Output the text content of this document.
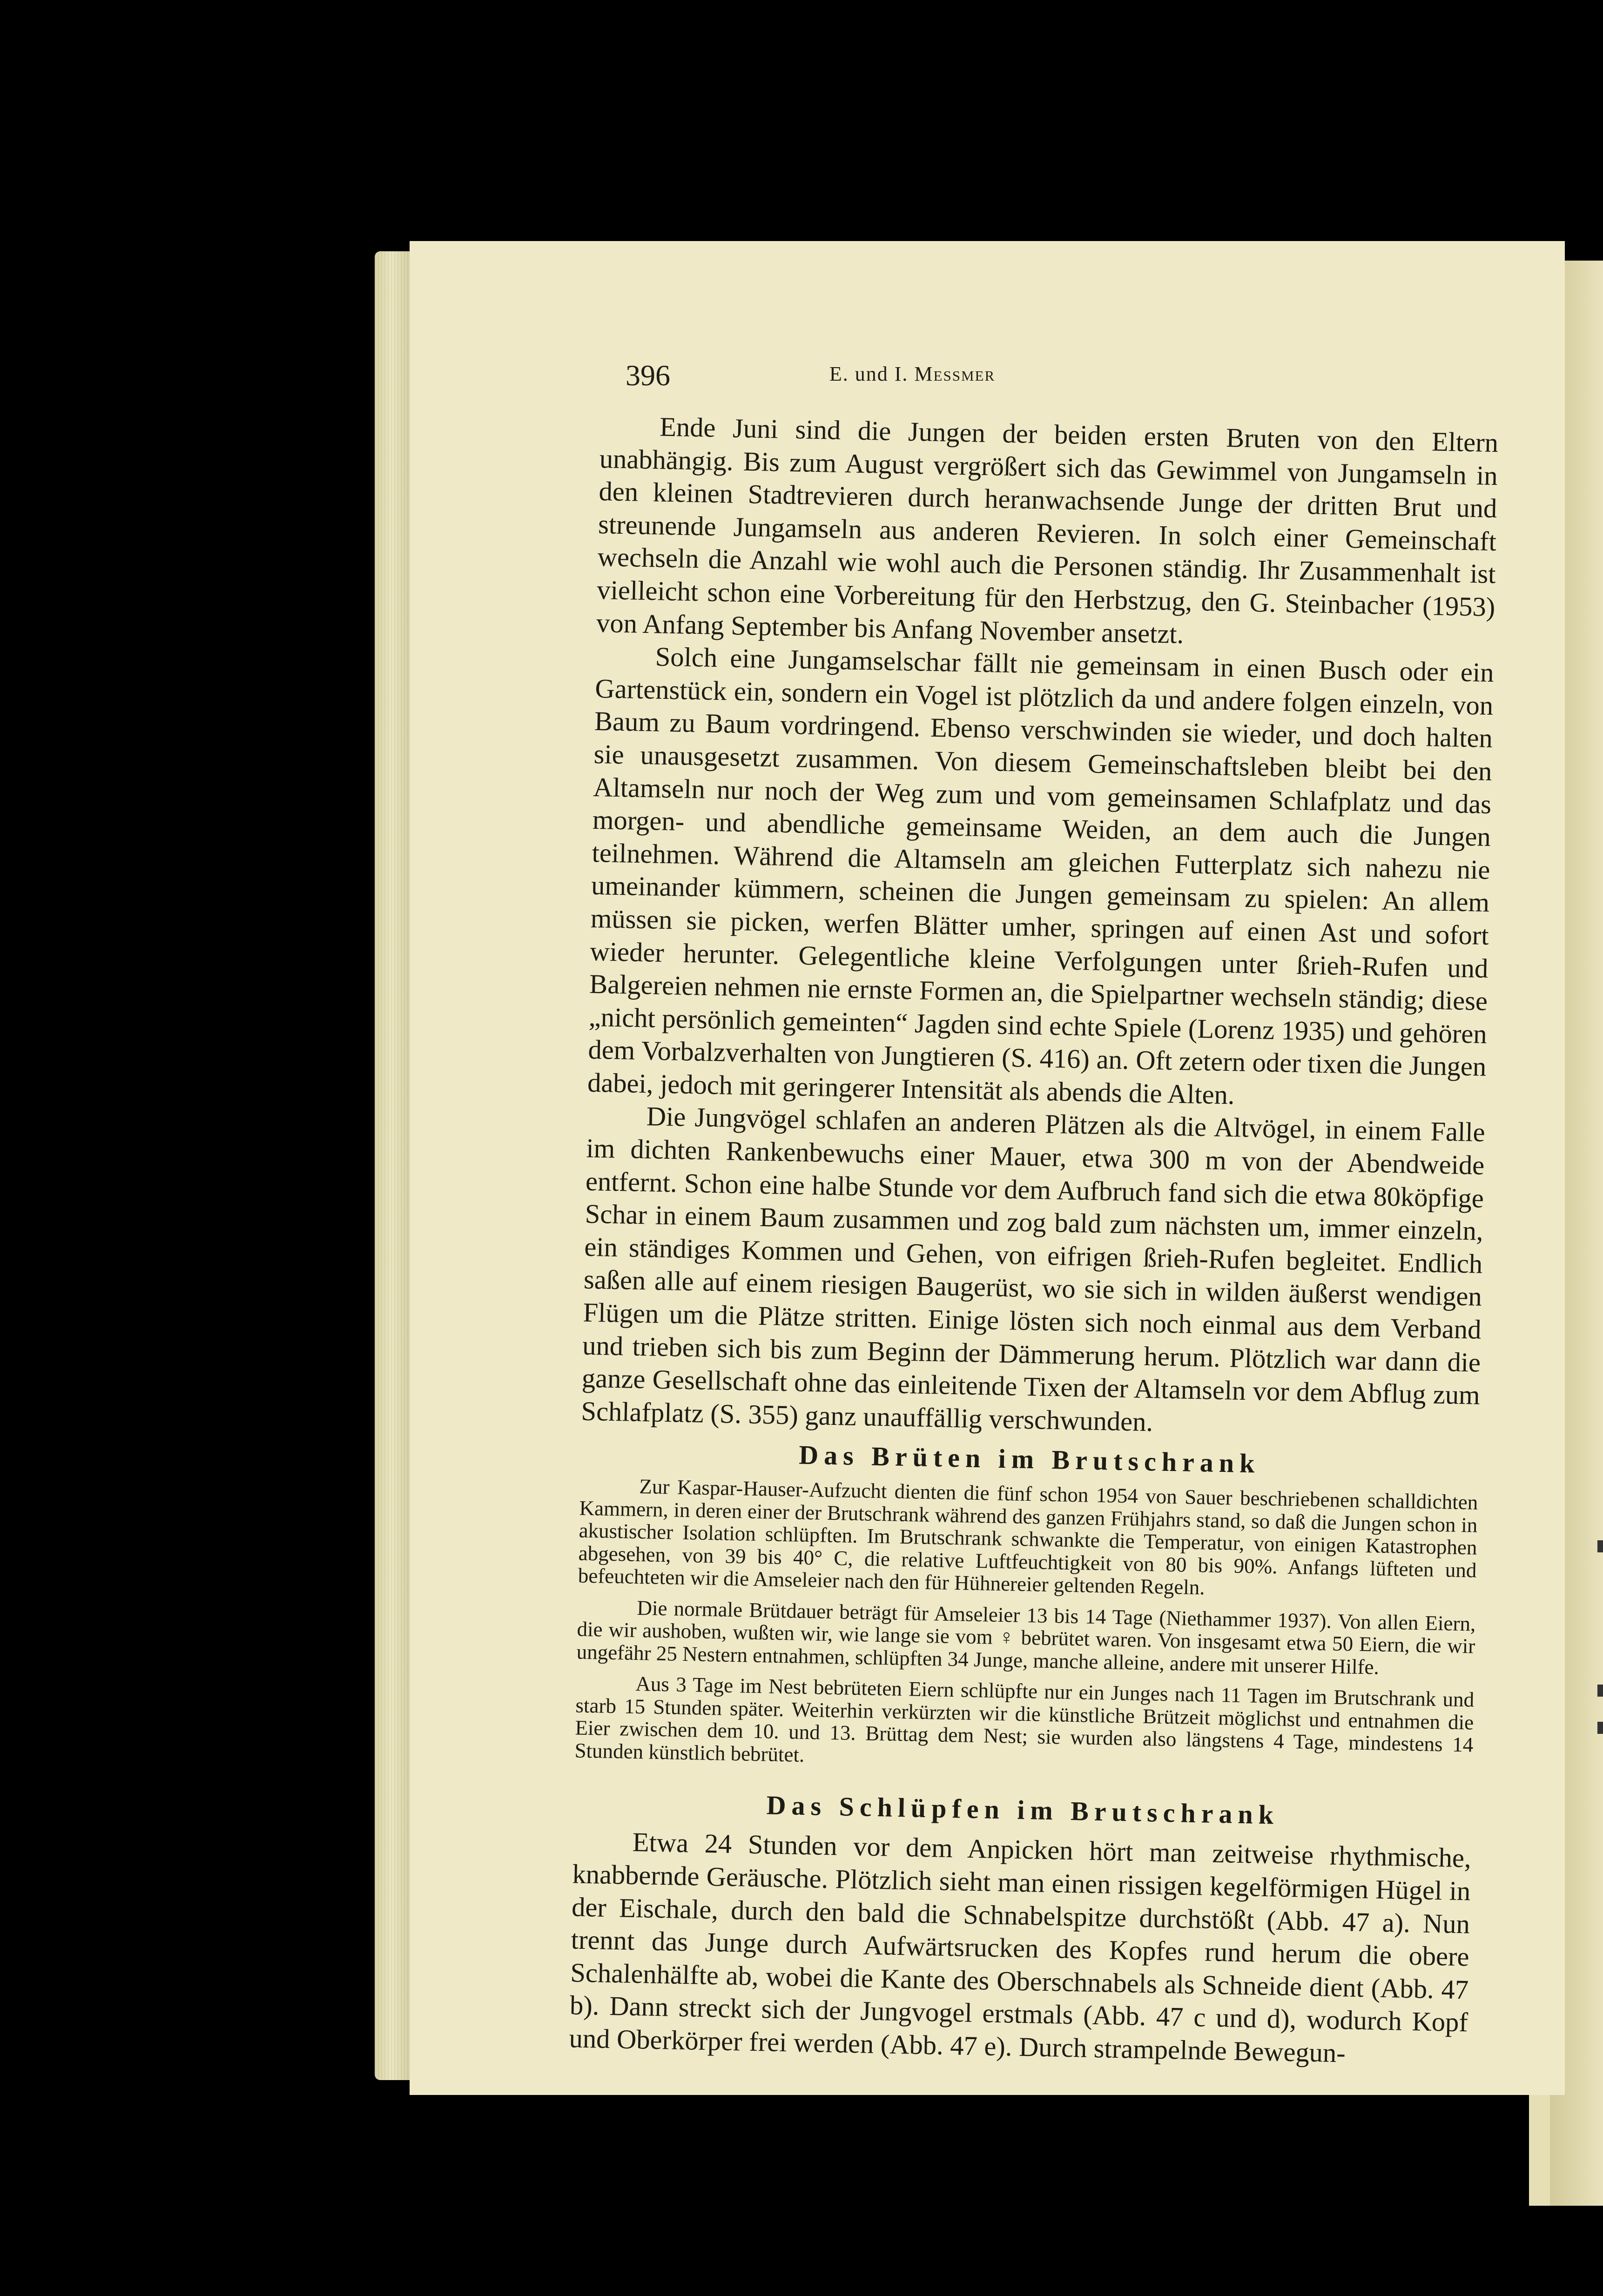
396	E. und I. Messmer

Ende Juni sind die Jungen der beiden ersten Bruten von den Eltern unabhängig. Bis zum August vergrößert sich das Gewimmel von Jungamseln in den kleinen Stadtrevieren durch heranwachsende Junge der dritten Brut und streunende Jungamseln aus anderen Revieren. In solch einer Gemeinschaft wechseln die Anzahl wie wohl auch die Personen ständig. Ihr Zusammenhalt ist vielleicht schon eine Vorbereitung für den Herbstzug, den G. Steinbacher (1953) von Anfang September bis Anfang November ansetzt.

Solch eine Jungamselschar fällt nie gemeinsam in einen Busch oder ein Gartenstück ein, sondern ein Vogel ist plötzlich da und andere folgen einzeln, von Baum zu Baum vordringend. Ebenso verschwinden sie wieder, und doch halten sie unausgesetzt zusammen. Von diesem Gemeinschaftsleben bleibt bei den Altamseln nur noch der Weg zum und vom gemeinsamen Schlafplatz und das morgen- und abendliche gemeinsame Weiden, an dem auch die Jungen teilnehmen. Während die Altamseln am gleichen Futterplatz sich nahezu nie umeinander kümmern, scheinen die Jungen gemeinsam zu spielen: An allem müssen sie picken, werfen Blätter umher, springen auf einen Ast und sofort wieder herunter. Gelegentliche kleine Verfolgungen unter ßrieh-Rufen und Balgereien nehmen nie ernste Formen an, die Spielpartner wechseln ständig; diese „nicht persönlich gemeinten“ Jagden sind echte Spiele (Lorenz 1935) und gehören dem Vorbalzverhalten von Jungtieren (S. 416) an. Oft zetern oder tixen die Jungen dabei, jedoch mit geringerer Intensität als abends die Alten.

Die Jungvögel schlafen an anderen Plätzen als die Altvögel, in einem Falle im dichten Rankenbewuchs einer Mauer, etwa 300 m von der Abendweide entfernt. Schon eine halbe Stunde vor dem Aufbruch fand sich die etwa 80köpfige Schar in einem Baum zusammen und zog bald zum nächsten um, immer einzeln, ein ständiges Kommen und Gehen, von eifrigen ßrieh-Rufen begleitet. Endlich saßen alle auf einem riesigen Baugerüst, wo sie sich in wilden äußerst wendigen Flügen um die Plätze stritten. Einige lösten sich noch einmal aus dem Verband und trieben sich bis zum Beginn der Dämmerung herum. Plötzlich war dann die ganze Gesellschaft ohne das einleitende Tixen der Altamseln vor dem Abflug zum Schlafplatz (S. 355) ganz unauffällig verschwunden.

Das Brüten im Brutschrank

Zur Kaspar-Hauser-Aufzucht dienten die fünf schon 1954 von Sauer beschriebenen schalldichten Kammern, in deren einer der Brutschrank während des ganzen Frühjahrs stand, so daß die Jungen schon in akustischer Isolation schlüpften. Im Brutschrank schwankte die Temperatur, von einigen Katastrophen abgesehen, von 39 bis 40° C, die relative Luftfeuchtigkeit von 80 bis 90%. Anfangs lüfteten und befeuchteten wir die Amseleier nach den für Hühnereier geltenden Regeln.

Die normale Brütdauer beträgt für Amseleier 13 bis 14 Tage (Niethammer 1937). Von allen Eiern, die wir aushoben, wußten wir, wie lange sie vom ♀ bebrütet waren. Von insgesamt etwa 50 Eiern, die wir ungefähr 25 Nestern entnahmen, schlüpften 34 Junge, manche alleine, andere mit unserer Hilfe.

Aus 3 Tage im Nest bebrüteten Eiern schlüpfte nur ein Junges nach 11 Tagen im Brutschrank und starb 15 Stunden später. Weiterhin verkürzten wir die künstliche Brützeit möglichst und entnahmen die Eier zwischen dem 10. und 13. Brüttag dem Nest; sie wurden also längstens 4 Tage, mindestens 14 Stunden künstlich bebrütet.

Das Schlüpfen im Brutschrank

Etwa 24 Stunden vor dem Anpicken hört man zeitweise rhythmische, knabbernde Geräusche. Plötzlich sieht man einen rissigen kegelförmigen Hügel in der Eischale, durch den bald die Schnabelspitze durchstößt (Abb. 47 a). Nun trennt das Junge durch Aufwärtsrucken des Kopfes rund herum die obere Schalenhälfte ab, wobei die Kante des Oberschnabels als Schneide dient (Abb. 47 b). Dann streckt sich der Jungvogel erstmals (Abb. 47 c und d), wodurch Kopf und Oberkörper frei werden (Abb. 47 e). Durch strampelnde Bewegun-
